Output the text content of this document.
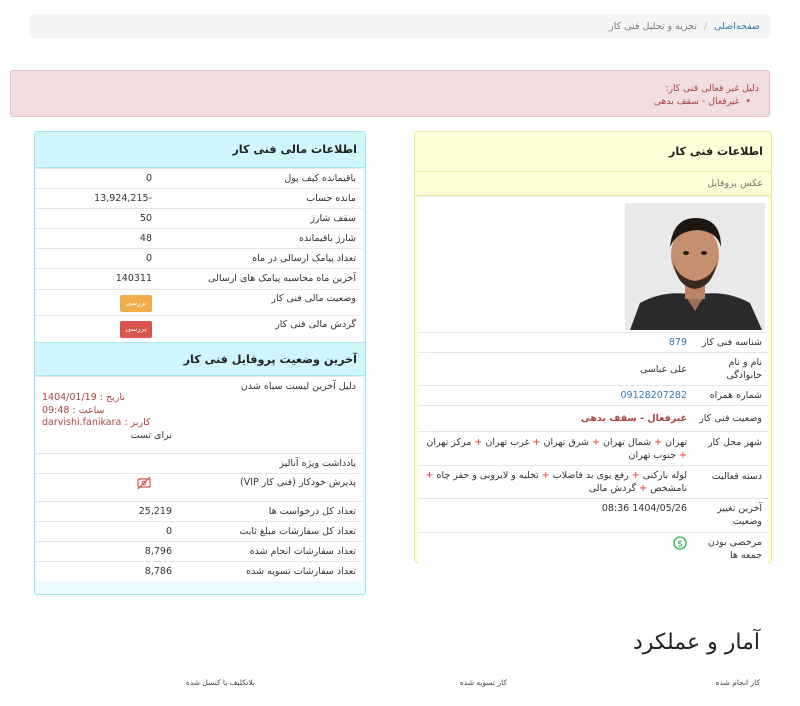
صفحه‌اصلی
/
تجزیه و تحلیل فنی کار
دلیل غیر فعالی فنی کار:
• غیرفعال - سقف بدهی
اطلاعات مالی فنی کار
باقیمانده کیف پول	0
مانده حساب	-13,924,215
سقف شارژ	50
شارژ باقیمانده	48
تعداد پیامک ارسالی در ماه	0
آخرین ماه محاسبه پیامک های ارسالی	140311
وضعیت مالی فنی کار	بررسی
گردش مالی فنی کار	بررسی
آخرین وضعیت پروفایل فنی کار
دلیل آخرین لیست سیاه شدن	تاریخ : 1404/01/19
ساعت : 09:48
کاربر : darvishi.fanikara
برای تست

یادداشت ویژه آنالیز	
پذیرش خودکار (فنی کار VIP)	
تعداد کل درخواست ها	25,219
تعداد کل سفارشات مبلغ ثابت	0
تعداد سفارشات انجام شده	8,796
تعداد سفارشات تسویه شده	8,786
اطلاعات فنی کار
عکس پروفایل
شناسه فنی کار	879
نام و نام خانوادگی	علی عباسی
شماره همراه	09128207282
وضعیت فنی کار	غیرفعال - سقف بدهی
شهر محل کار	تهران + شمال تهران + شرق تهران + غرب تهران + مرکز تهران + جنوب تهران
دسته فعالیت	لوله بازکنی + رفع بوی بد فاضلاب + تخلیه و لایروبی و حفر چاه + نامشخص + گردش مالی
آخرین تغییر وضعیت	08:36 1404/05/26
مرخصی بودن جمعه ها	$
آمار و عملکرد
کار انجام شده
کار تسویه شده
بلاتکلیف یا کنسل شده
